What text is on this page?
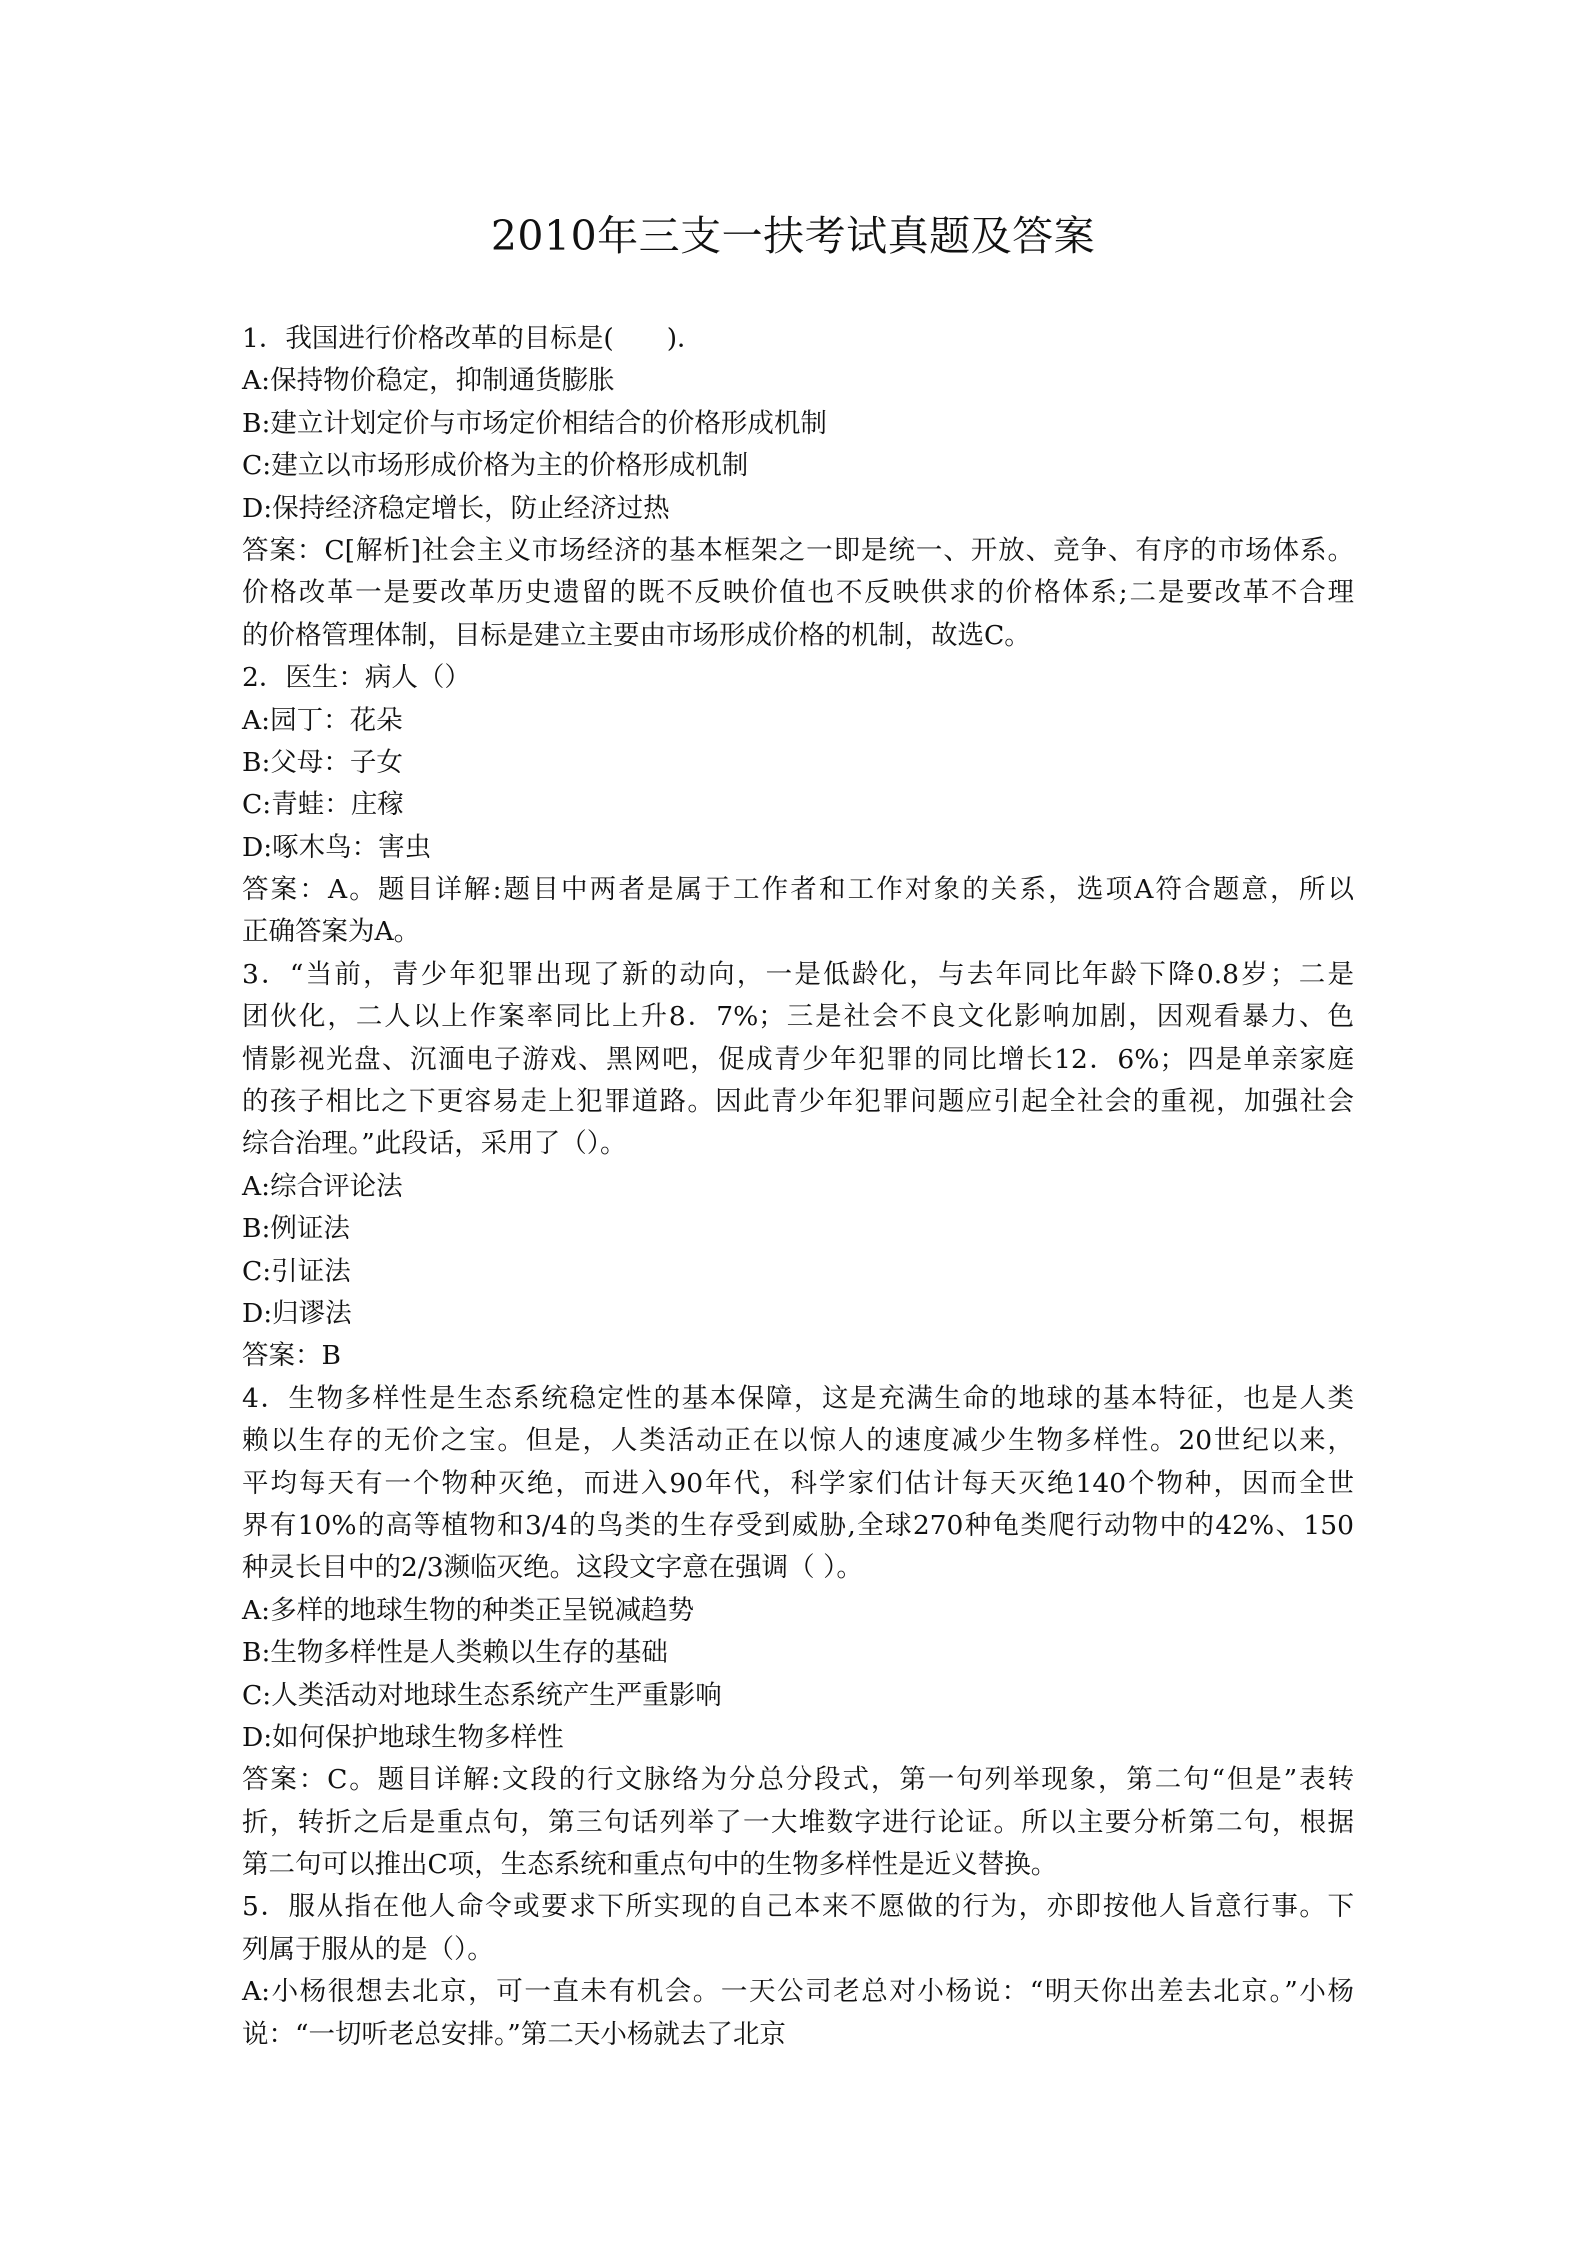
2010年三支一扶考试真题及答案
1．我国进行价格改革的目标是(　　)．
A:保持物价稳定，抑制通货膨胀
B:建立计划定价与市场定价相结合的价格形成机制
C:建立以市场形成价格为主的价格形成机制
D:保持经济稳定增长，防止经济过热
答案：C[解析]社会主义市场经济的基本框架之一即是统一、开放、竞争、有序的市场体系。
价格改革一是要改革历史遗留的既不反映价值也不反映供求的价格体系;二是要改革不合理
的价格管理体制，目标是建立主要由市场形成价格的机制，故选C。
2．医生：病人（）
A:园丁：花朵
B:父母：子女
C:青蛙：庄稼
D:啄木鸟：害虫
答案：A。题目详解:题目中两者是属于工作者和工作对象的关系，选项A符合题意，所以
正确答案为A。
3．“当前，青少年犯罪出现了新的动向，一是低龄化，与去年同比年龄下降0.8岁；二是
团伙化，二人以上作案率同比上升8．7%；三是社会不良文化影响加剧，因观看暴力、色
情影视光盘、沉湎电子游戏、黑网吧，促成青少年犯罪的同比增长12．6%；四是单亲家庭
的孩子相比之下更容易走上犯罪道路。因此青少年犯罪问题应引起全社会的重视，加强社会
综合治理。”此段话，采用了（）。
A:综合评论法
B:例证法
C:引证法
D:归谬法
答案：B
4．生物多样性是生态系统稳定性的基本保障，这是充满生命的地球的基本特征，也是人类
赖以生存的无价之宝。但是，人类活动正在以惊人的速度减少生物多样性。20世纪以来，
平均每天有一个物种灭绝，而进入90年代，科学家们估计每天灭绝140个物种，因而全世
界有10%的高等植物和3/4的鸟类的生存受到威胁,全球270种龟类爬行动物中的42%、150
种灵长目中的2/3濒临灭绝。这段文字意在强调（ ）。
A:多样的地球生物的种类正呈锐减趋势
B:生物多样性是人类赖以生存的基础
C:人类活动对地球生态系统产生严重影响
D:如何保护地球生物多样性
答案：C。题目详解:文段的行文脉络为分总分段式，第一句列举现象，第二句“但是”表转
折，转折之后是重点句，第三句话列举了一大堆数字进行论证。所以主要分析第二句，根据
第二句可以推出C项，生态系统和重点句中的生物多样性是近义替换。
5．服从指在他人命令或要求下所实现的自己本来不愿做的行为，亦即按他人旨意行事。下
列属于服从的是（）。
A:小杨很想去北京，可一直未有机会。一天公司老总对小杨说：“明天你出差去北京。”小杨
说：“一切听老总安排。”第二天小杨就去了北京
